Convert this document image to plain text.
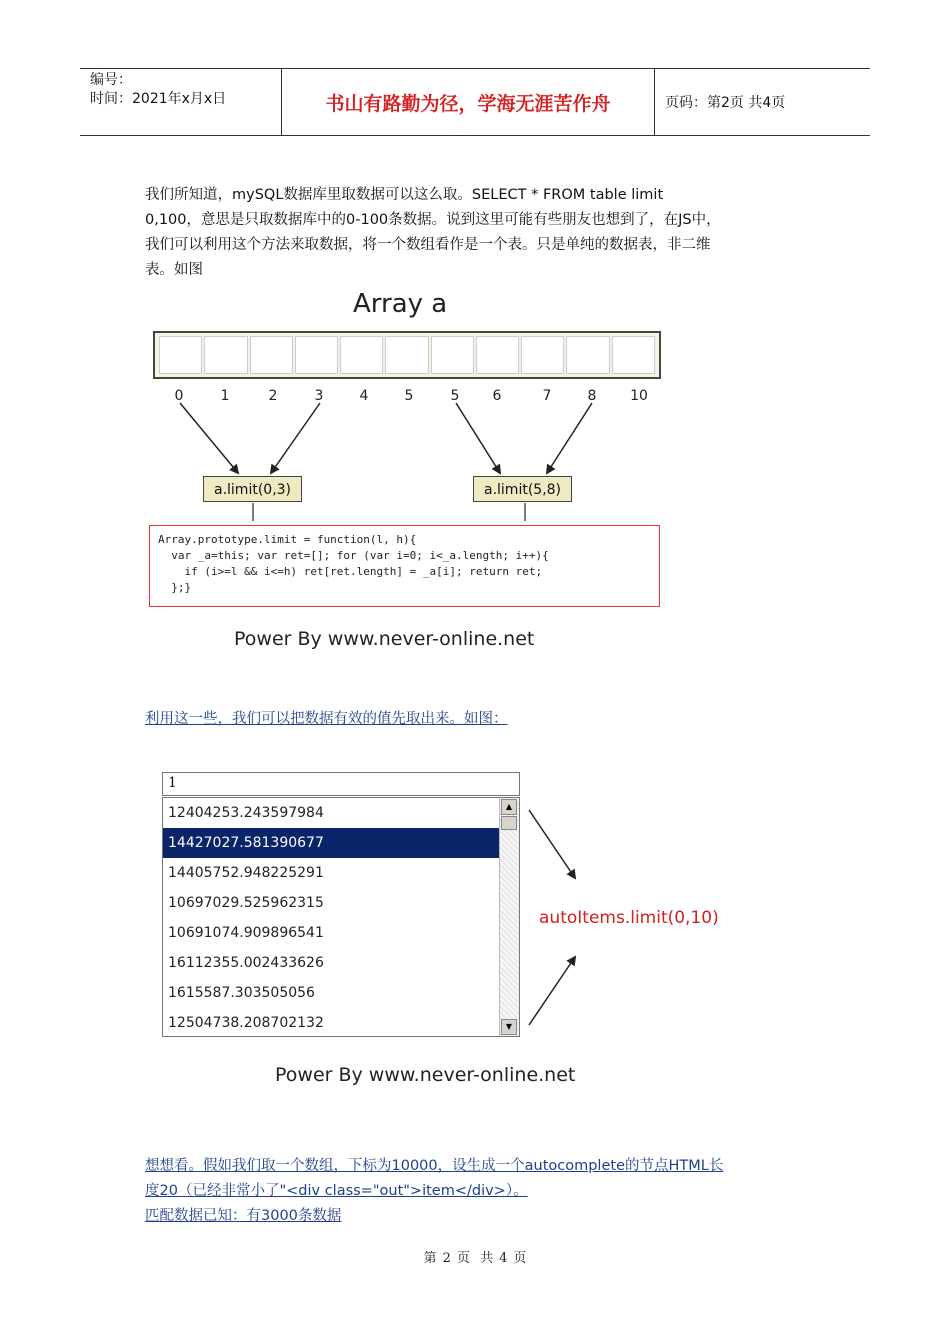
编号：
时间：2021年x月x日	书山有路勤为径，学海无涯苦作舟	页码：第2页 共4页
我们所知道，mySQL数据库里取数据可以这么取。SELECT * FROM table limit
0,100，意思是只取数据库中的0-100条数据。说到这里可能有些朋友也想到了，在JS中，
我们可以利用这个方法来取数据，将一个数组看作是一个表。只是单纯的数据表，非二维
表。如图
Array a
0	1	2	3	4	5	5	6	7	8	10
a.limit(0,3)	a.limit(5,8)
Array.prototype.limit = function(l, h){
var _a=this; var ret=[]; for (var i=0; i<_a.length; i++){
if (i>=l && i<=h) ret[ret.length] = _a[i]; return ret;
};}
Power By www.never-online.net
利用这一些，我们可以把数据有效的值先取出来。如图：
1
12404253.243597984
14427027.581390677
14405752.948225291
10697029.525962315
10691074.909896541
16112355.002433626
1615587.303505056
12504738.208702132
▲
▼
autoItems.limit(0,10)
Power By www.never-online.net
想想看。假如我们取一个数组，下标为10000，设生成一个autocomplete的节点HTML长
度20（已经非常小了"<div class="out">item</div>）。
匹配数据已知：有3000条数据
第 2 页 共 4 页
